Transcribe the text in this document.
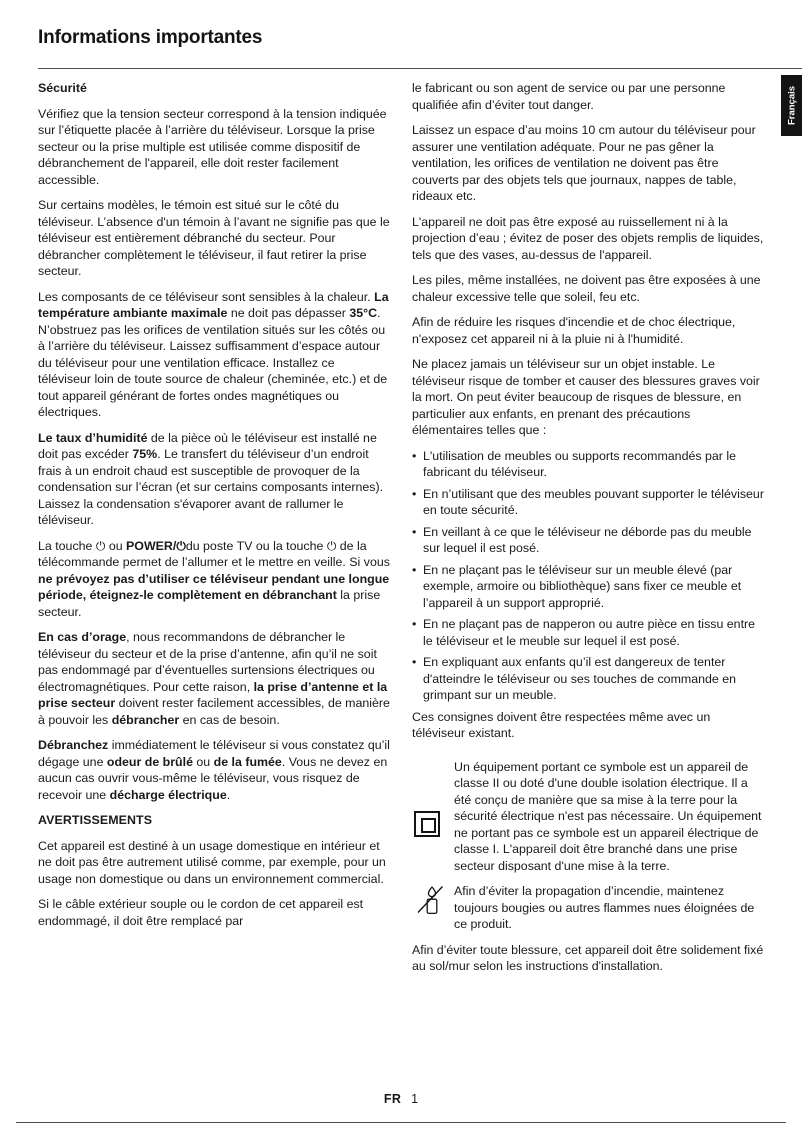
Informations importantes
Français
Sécurité

Vérifiez que la tension secteur correspond à la tension indiquée sur l’étiquette placée à l’arrière du téléviseur. Lorsque la prise secteur ou la prise multiple est utilisée comme dispositif de débranchement de l'appareil, elle doit rester facilement accessible.

Sur certains modèles, le témoin est situé sur le côté du téléviseur. L’absence d'un témoin à l’avant ne signifie pas que le téléviseur est entièrement débranché du secteur. Pour débrancher complètement le téléviseur, il faut retirer la prise secteur.

Les composants de ce téléviseur sont sensibles à la chaleur. La température ambiante maximale ne doit pas dépasser 35°C. N’obstruez pas les orifices de ventilation situés sur les côtés ou à l’arrière du téléviseur. Laissez suffisamment d’espace autour du téléviseur pour une ventilation efficace. Installez ce téléviseur loin de toute source de chaleur (cheminée, etc.) et de tout appareil générant de fortes ondes magnétiques ou électriques.

Le taux d’humidité de la pièce où le téléviseur est installé ne doit pas excéder 75%. Le transfert du téléviseur d’un endroit frais à un endroit chaud est susceptible de provoquer de la condensation sur l’écran (et sur certains composants internes). Laissez la condensation s'évaporer avant de rallumer le téléviseur.

La touche ⏻ ou POWER/⏻du poste TV ou la touche ⏻ de la télécommande permet de l’allumer et le mettre en veille. Si vous ne prévoyez pas d’utiliser ce téléviseur pendant une longue période, éteignez-le complètement en débranchant la prise secteur.

En cas d’orage, nous recommandons de débrancher le téléviseur du secteur et de la prise d’antenne, afin qu’il ne soit pas endommagé par d’éventuelles surtensions électriques ou électromagnétiques. Pour cette raison, la prise d’antenne et la prise secteur doivent rester facilement accessibles, de manière à pouvoir les débrancher en cas de besoin.

Débranchez immédiatement le téléviseur si vous constatez qu’il dégage une odeur de brûlé ou de la fumée. Vous ne devez en aucun cas ouvrir vous-même le téléviseur, vous risquez de recevoir une décharge électrique.

AVERTISSEMENTS

Cet appareil est destiné à un usage domestique en intérieur et ne doit pas être autrement utilisé comme, par exemple, pour un usage non domestique ou dans un environnement commercial.

Si le câble extérieur souple ou le cordon de cet appareil est endommagé, il doit être remplacé par

le fabricant ou son agent de service ou par une personne qualifiée afin d’éviter tout danger.

Laissez un espace d’au moins 10 cm autour du téléviseur pour assurer une ventilation adéquate. Pour ne pas gêner la ventilation, les orifices de ventilation ne doivent pas être couverts par des objets tels que journaux, nappes de table, rideaux etc.

L'appareil ne doit pas être exposé au ruissellement ni à la projection d’eau ; évitez de poser des objets remplis de liquides, tels que des vases, au-dessus de l'appareil.

Les piles, même installées, ne doivent pas être exposées à une chaleur excessive telle que soleil, feu etc.

Afin de réduire les risques d'incendie et de choc électrique, n'exposez cet appareil ni à la pluie ni à l'humidité.

Ne placez jamais un téléviseur sur un objet instable. Le téléviseur risque de tomber et causer des blessures graves voir la mort. On peut éviter beaucoup de risques de blessure, en particulier aux enfants, en prenant des précautions élémentaires telles que :

• L'utilisation de meubles ou supports recommandés par le fabricant du téléviseur.
• En n’utilisant que des meubles pouvant supporter le téléviseur en toute sécurité.
• En veillant à ce que le téléviseur ne déborde pas du meuble sur lequel il est posé.
• En ne plaçant pas le téléviseur sur un meuble élevé (par exemple, armoire ou bibliothèque) sans fixer ce meuble et l’appareil à un support approprié.
• En ne plaçant pas de napperon ou autre pièce en tissu entre le téléviseur et le meuble sur lequel il est posé.
• En expliquant aux enfants qu’il est dangereux de tenter d'atteindre le téléviseur ou ses touches de commande en grimpant sur un meuble.

Ces consignes doivent être respectées même avec un téléviseur existant.

Un équipement portant ce symbole est un appareil de classe II ou doté d'une double isolation électrique. Il a été conçu de manière que sa mise à la terre pour la sécurité électrique n'est pas nécessaire. Un équipement ne portant pas ce symbole est un appareil électrique de classe I. L'appareil doit être branché dans une prise secteur disposant d'une mise à la terre.
Afin d’éviter la propagation d’incendie, maintenez toujours bougies ou autres flammes nues éloignées de ce produit.

Afin d’éviter toute blessure, cet appareil doit être solidement fixé au sol/mur selon les instructions d'installation.

FR 1
